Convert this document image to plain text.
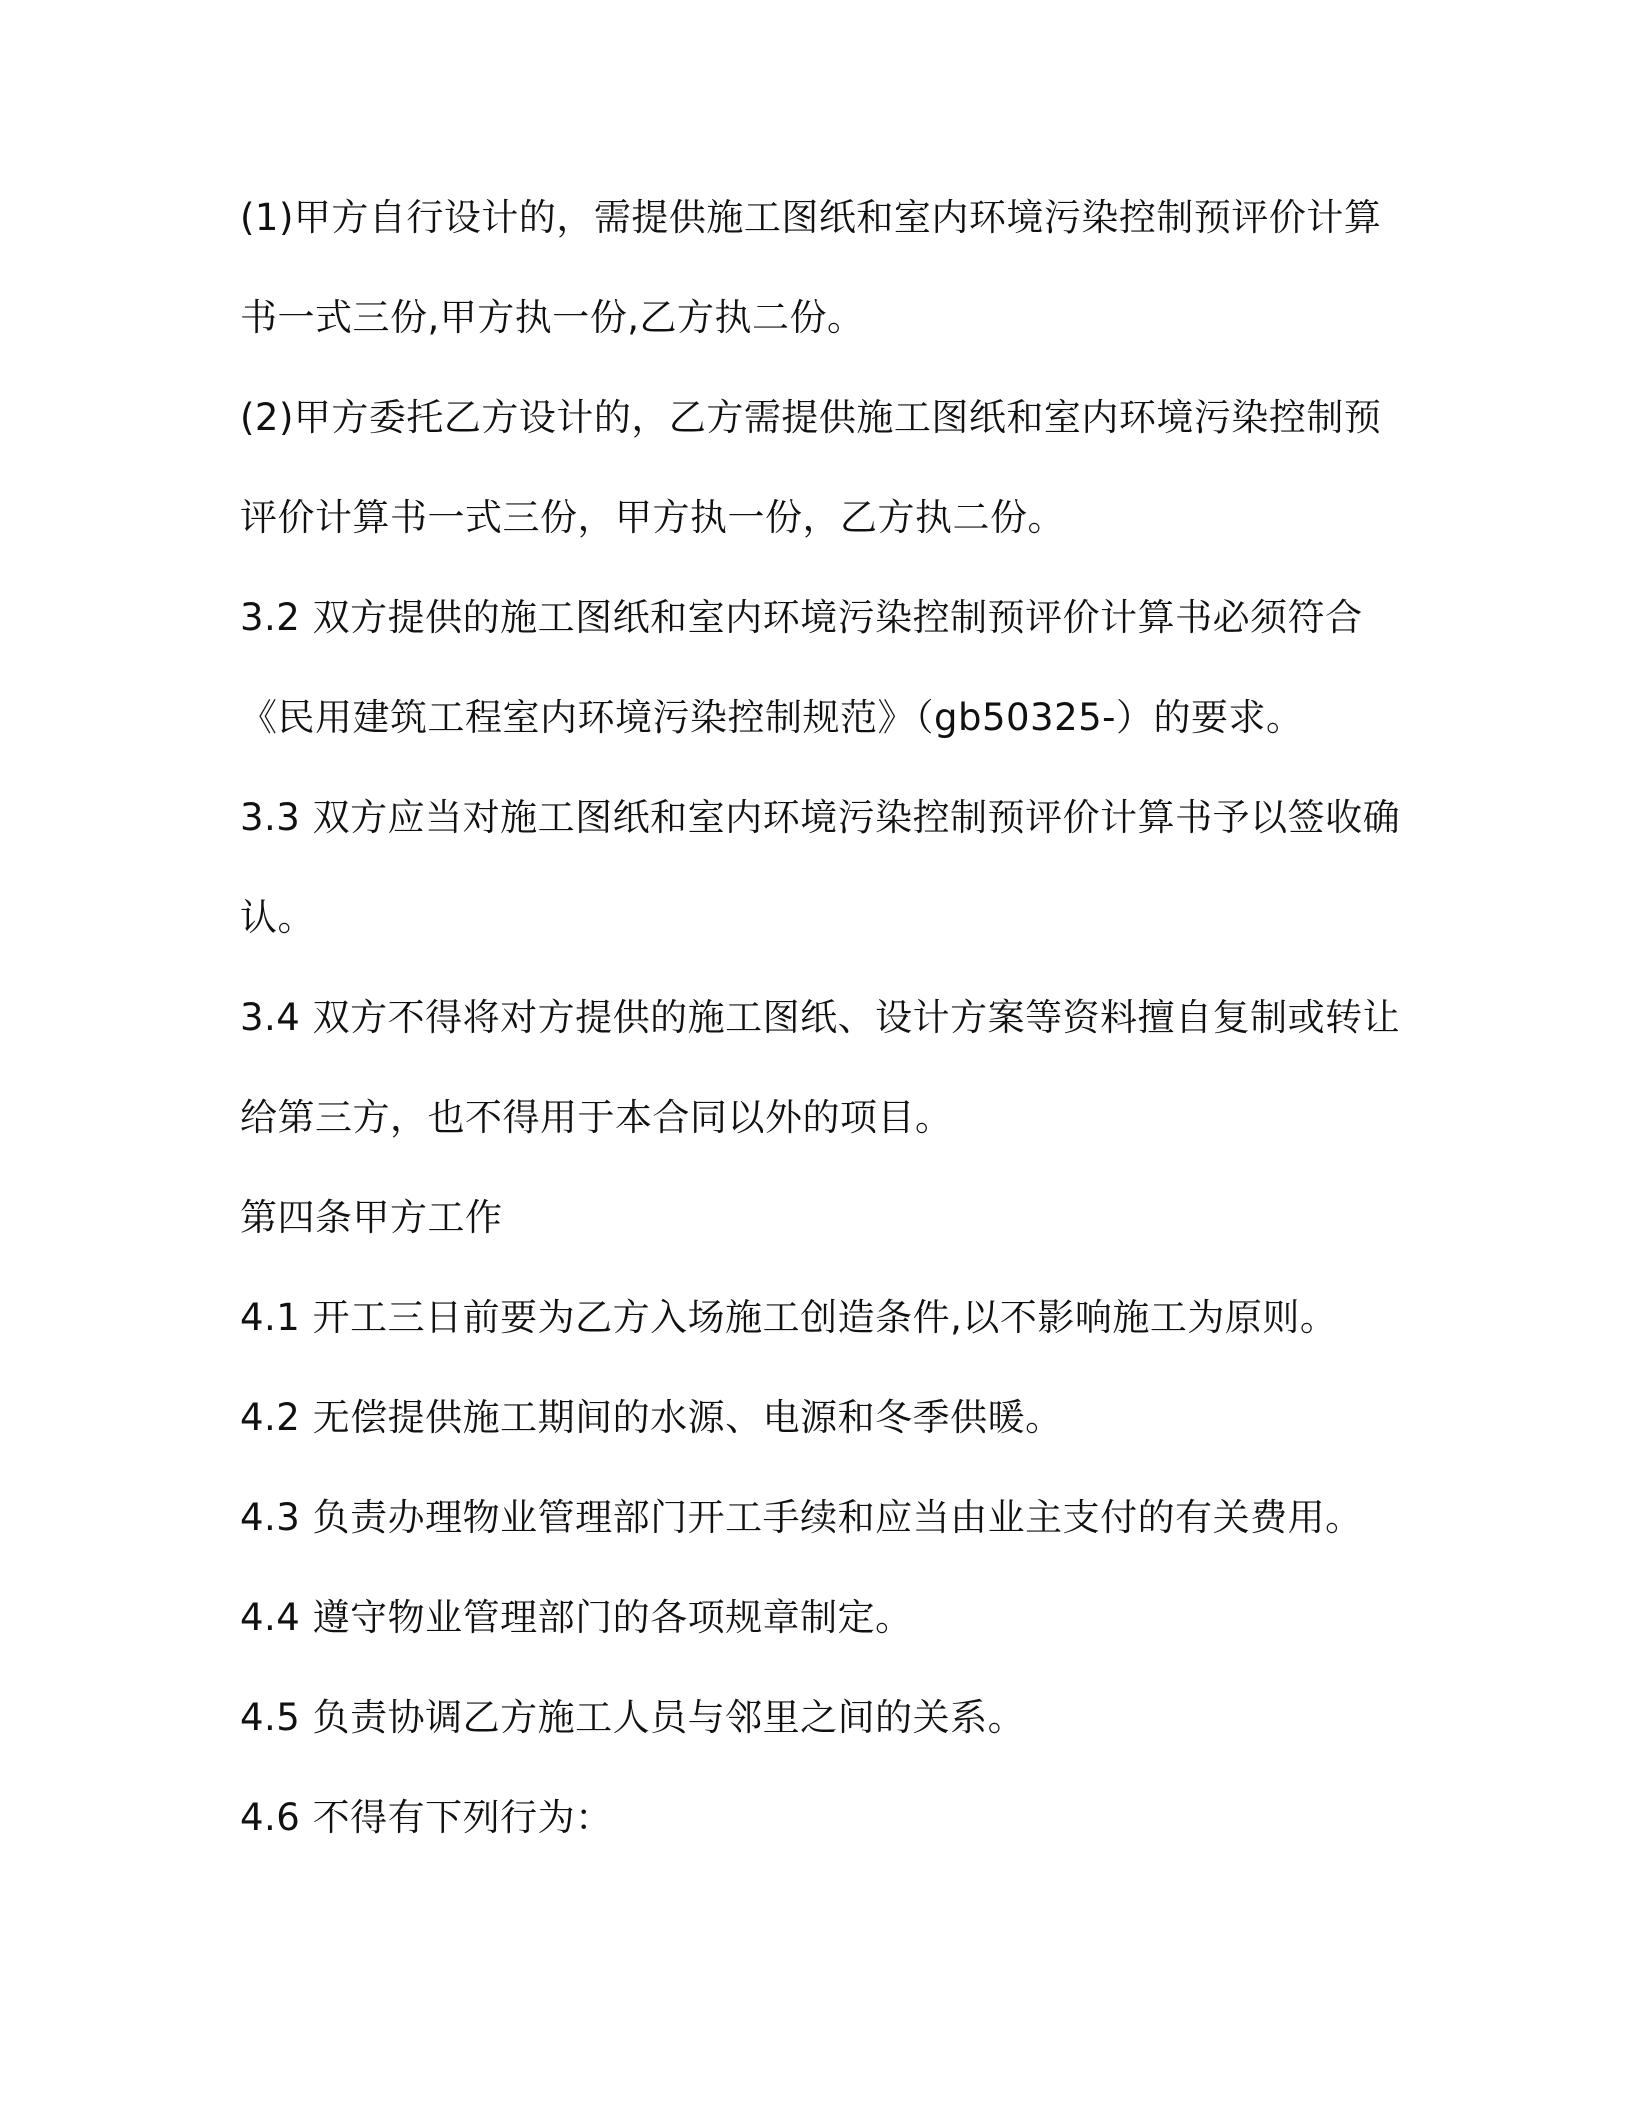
(1)甲方自行设计的，需提供施工图纸和室内环境污染控制预评价计算

书一式三份,甲方执一份,乙方执二份。

(2)甲方委托乙方设计的，乙方需提供施工图纸和室内环境污染控制预

评价计算书一式三份，甲方执一份，乙方执二份。

3.2 双方提供的施工图纸和室内环境污染控制预评价计算书必须符合

《民用建筑工程室内环境污染控制规范》（gb50325-）的要求。

3.3 双方应当对施工图纸和室内环境污染控制预评价计算书予以签收确

认。

3.4 双方不得将对方提供的施工图纸、设计方案等资料擅自复制或转让

给第三方，也不得用于本合同以外的项目。

第四条甲方工作

4.1 开工三日前要为乙方入场施工创造条件,以不影响施工为原则。

4.2 无偿提供施工期间的水源、电源和冬季供暖。

4.3 负责办理物业管理部门开工手续和应当由业主支付的有关费用。

4.4 遵守物业管理部门的各项规章制定。

4.5 负责协调乙方施工人员与邻里之间的关系。

4.6 不得有下列行为：
